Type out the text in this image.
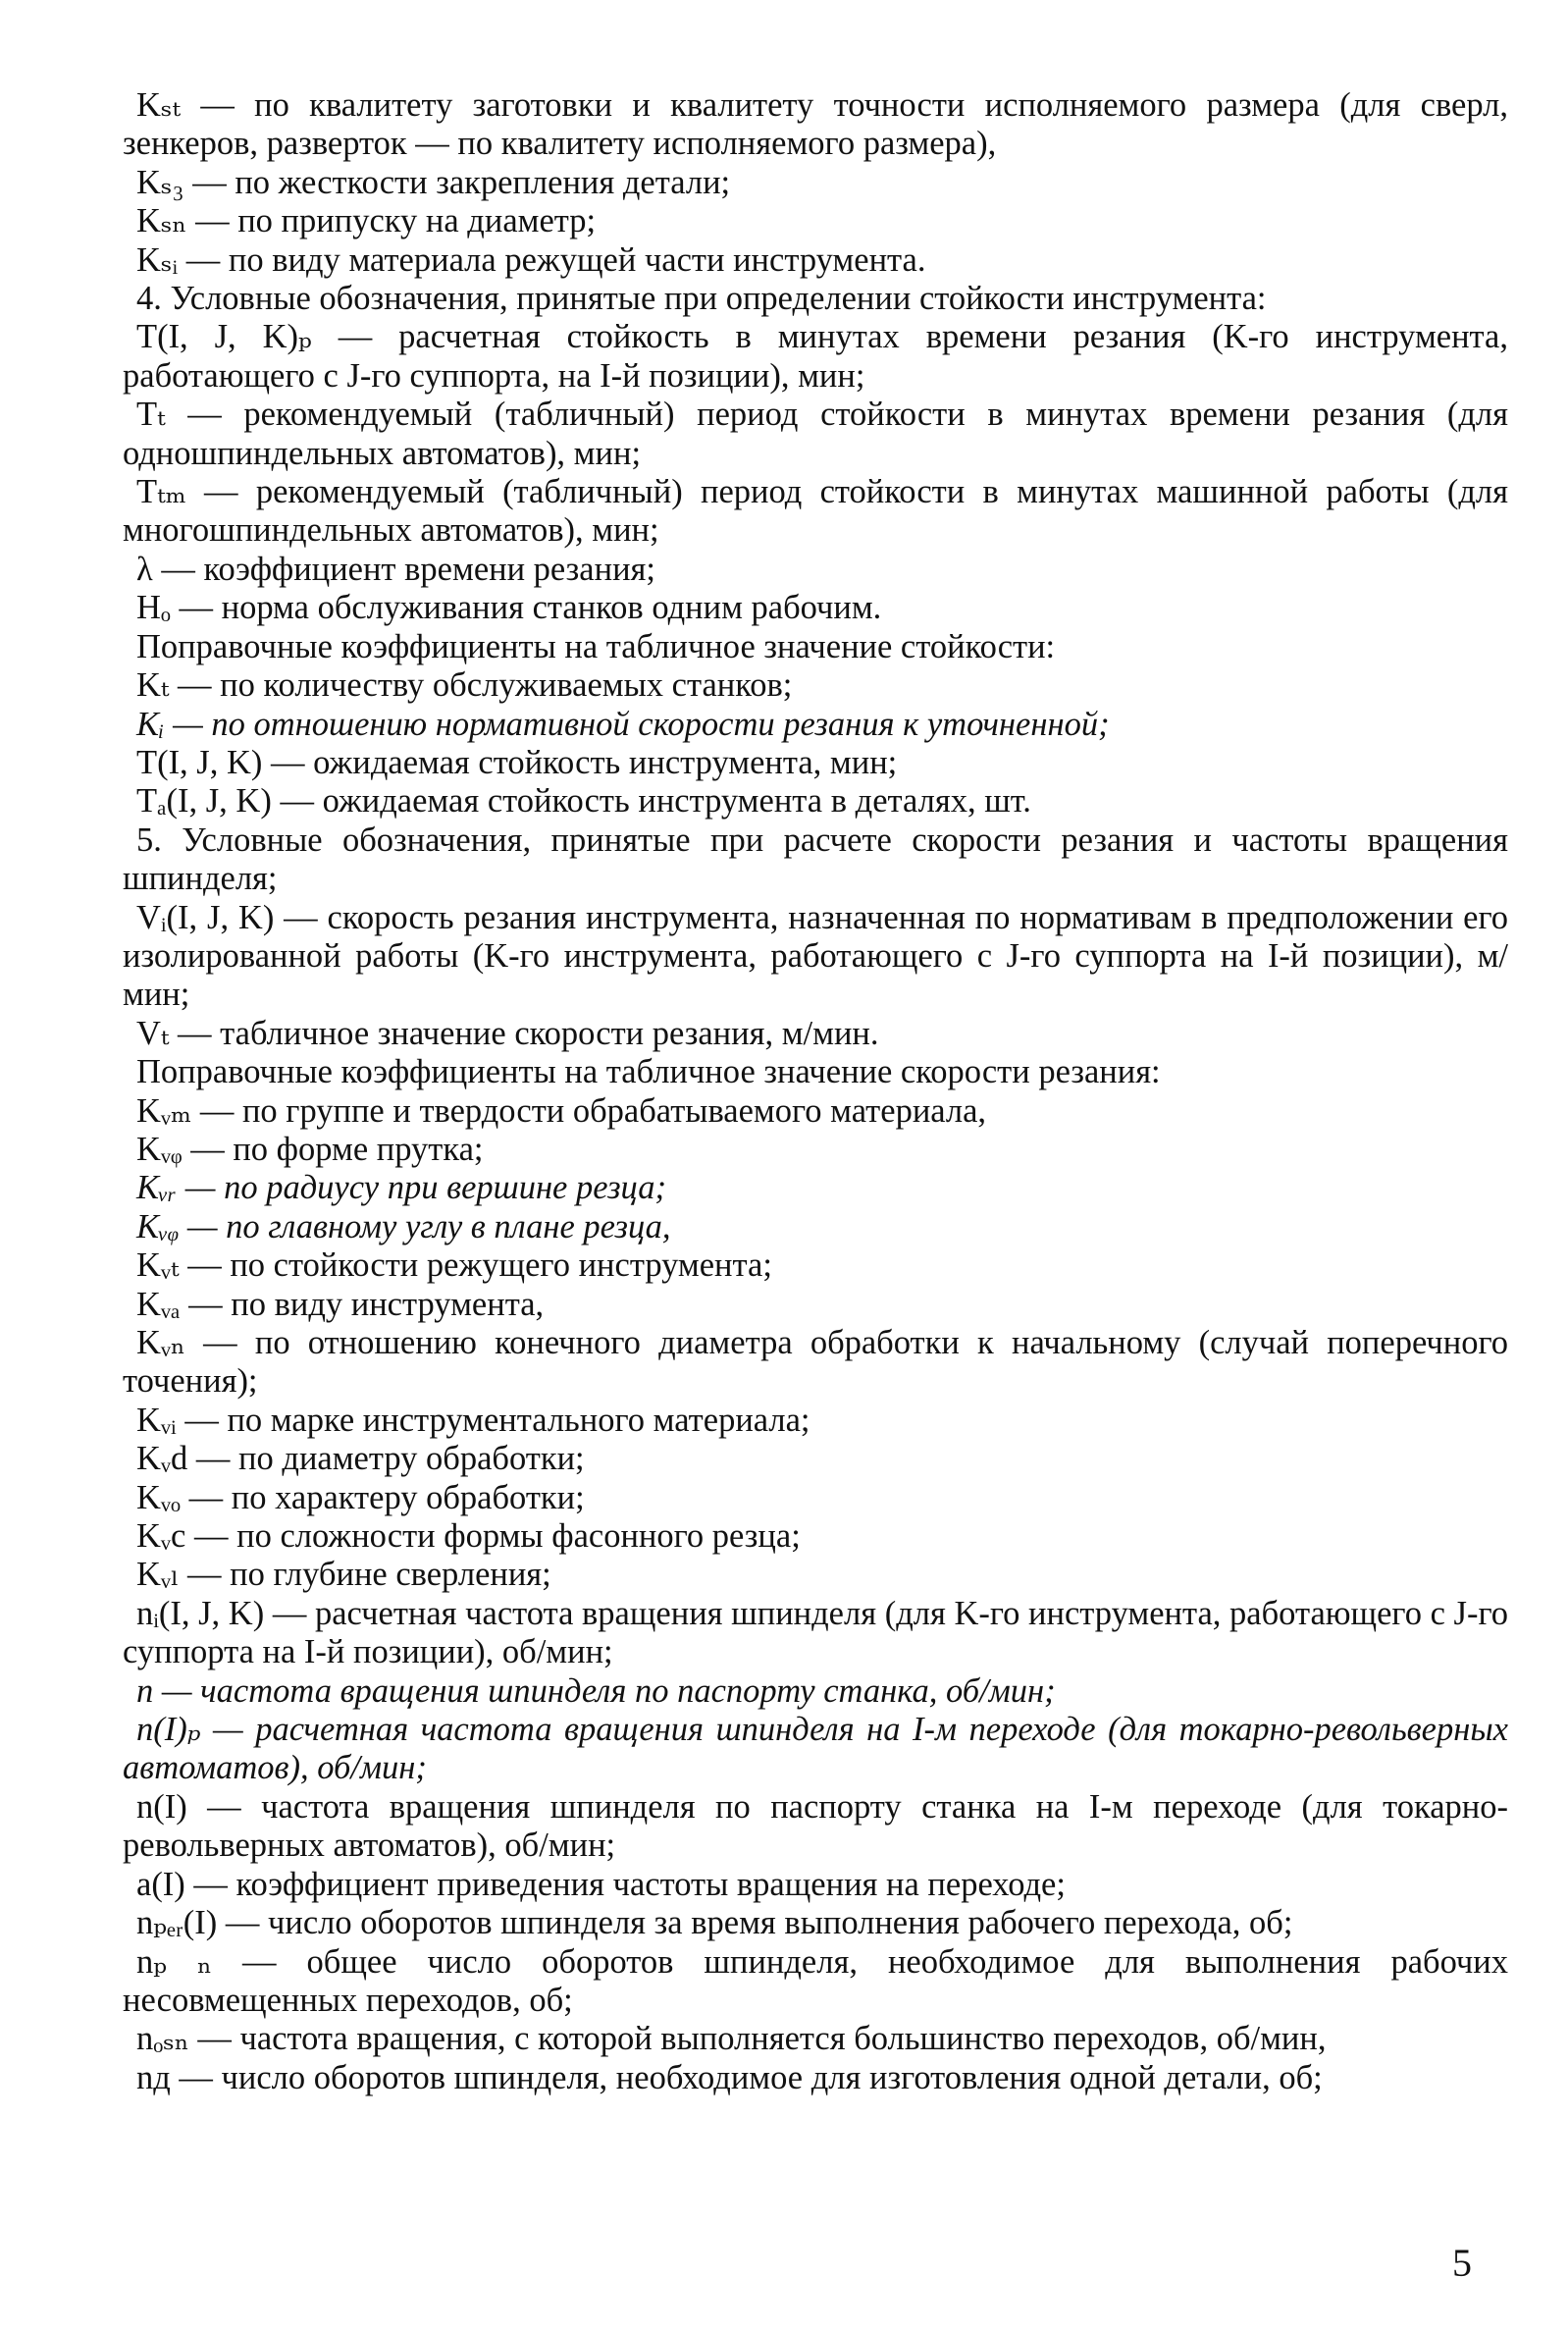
Kₛₜ — по квалитету заготовки и квалитету точности исполняемого размера (для сверл, зенкеров, разверток — по квалитету исполняемого размера),

Kₛ₃ — по жесткости закрепления детали;

Kₛₙ — по припуску на диаметр;

Kₛᵢ — по виду материала режущей части инструмента.

4. Условные обозначения, принятые при определении стойкости инструмента:

T(I, J, K)ₚ — расчетная стойкость в минутах времени резания (K-го инструмента, работающего с J-го суппорта, на I-й позиции), мин;

Tₜ — рекомендуемый (табличный) период стойкости в минутах времени резания (для одношпиндельных автоматов), мин;

Tₜₘ — рекомендуемый (табличный) период стойкости в минутах машинной работы (для многошпиндельных автоматов), мин;

λ — коэффициент времени резания;

Hₒ — норма обслуживания станков одним рабочим.

Поправочные коэффициенты на табличное значение стойкости:

Kₜ — по количеству обслуживаемых станков;

Kᵢ — по отношению нормативной скорости резания к уточненной;

T(I, J, K) — ожидаемая стойкость инструмента, мин;

Tₐ(I, J, K) — ожидаемая стойкость инструмента в деталях, шт.

5. Условные обозначения, принятые при расчете скорости резания и частоты вращения шпинделя;

Vᵢ(I, J, K) — скорость резания инструмента, назначенная по нормативам в предположении его изолированной работы (K-го инструмента, работающего с J-го суппорта на I-й позиции), м/мин;

Vₜ — табличное значение скорости резания, м/мин.

Поправочные коэффициенты на табличное значение скорости резания:

Kᵥₘ — по группе и твердости обрабатываемого материала,

Kᵥᵩ — по форме прутка;

Kᵥᵣ — по радиусу при вершине резца;

Kᵥᵩ — по главному углу в плане резца,

Kᵥₜ — по стойкости режущего инструмента;

Kᵥₐ — по виду инструмента,

Kᵥₙ — по отношению конечного диаметра обработки к начальному (случай поперечного точения);

Kᵥᵢ — по марке инструментального материала;

Kᵥd — по диаметру обработки;

Kᵥₒ — по характеру обработки;

Kᵥc — по сложности формы фасонного резца;

Kᵥₗ — по глубине сверления;

nᵢ(I, J, K) — расчетная частота вращения шпинделя (для K-го инструмента, работающего с J-го суппорта на I-й позиции), об/мин;

n — частота вращения шпинделя по паспорту станка, об/мин;

n(I)ₚ — расчетная частота вращения шпинделя на I-м переходе (для токарно-револьверных автоматов), об/мин;

n(I) — частота вращения шпинделя по паспорту станка на I-м переходе (для токарно-револьверных автоматов), об/мин;

a(I) — коэффициент приведения частоты вращения на переходе;

nₚₑᵣ(I) — число оборотов шпинделя за время выполнения рабочего перехода, об;

nₚ ₙ — общее число оборотов шпинделя, необходимое для выполнения рабочих несовмещенных переходов, об;

nₒₛₙ — частота вращения, с которой выполняется большинство переходов, об/мин,

nд — число оборотов шпинделя, необходимое для изготовления одной детали, об;

5
